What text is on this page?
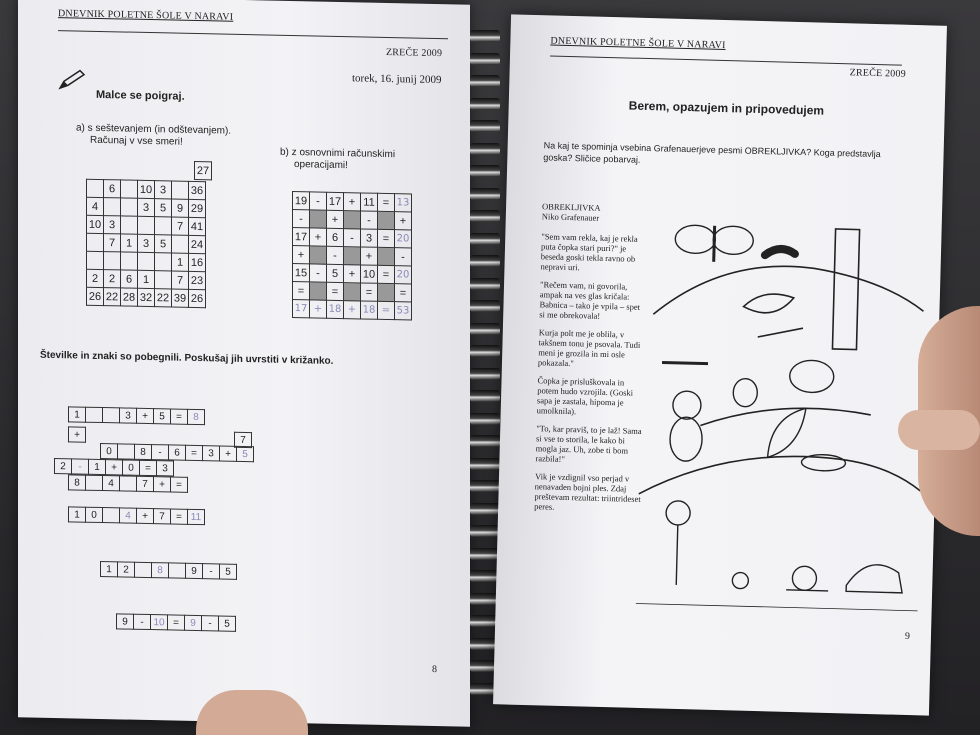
DNEVNIK POLETNE ŠOLE V NARAVI
ZREČE 2009
torek, 16. junij 2009
Malce se poigraj.
a) s seštevanjem (in odštevanjem).
Računaj v vse smeri!
b) z osnovnimi računskimi
operacijami!
27
	6		10	3		36
4			3	5	9	29
10	3				7	41
	7	1	3	5		24
					1	16
2	2	6	1		7	23
26	22	28	32	22	39	26
19	-	17	+	11	=	13
-		+		-		+
17	+	6	-	3	=	20
+		-		+		-
15	-	5	+	10	=	20
=		=		=		=
17	+	18	+	18	=	53
Številke in znaki so pobegnili. Poskušaj jih uvrstiti v križanko.
1			3	+	5	=	8
+	7
0		8	-	6	=	3	+	5
2	-	1	+	0	=	3
8		4		7	+	=
1	0		4	+	7	=	11
1	2		8		9	-	5
9	-	10	=	9	-	5
8
DNEVNIK POLETNE ŠOLE V NARAVI
ZREČE 2009
Berem, opazujem in pripovedujem
Na kaj te spominja vsebina Grafenauerjeve pesmi OBREKLJIVKA? Koga predstavlja goska? Sličice pobarvaj.
OBREKLJIVKA
Niko Grafenauer

"Sem vam rekla, kaj je rekla puta čopka stari puri?" je beseda goski tekla ravno ob nepravi uri.

"Rečem vam, ni govorila, ampak na ves glas kričala: Babnica – tako je vpila – spet si me obrekovala!

Kurja polt me je oblila, v takšnem tonu je psovala. Tudi meni je grozila in mi osle pokazala."

Čopka je prisluškovala in potem hudo vzrojila. (Goski sapa je zastala, hipoma je umolknila).

"To, kar praviš, to je laž! Sama si vse to storila, le kako bi mogla jaz. Uh, zobe ti bom razbila!"

Vik je vzdignil vso perjad v nenavaden bojni ples. Zdaj preštevam rezultat: triintrideset peres.

9
